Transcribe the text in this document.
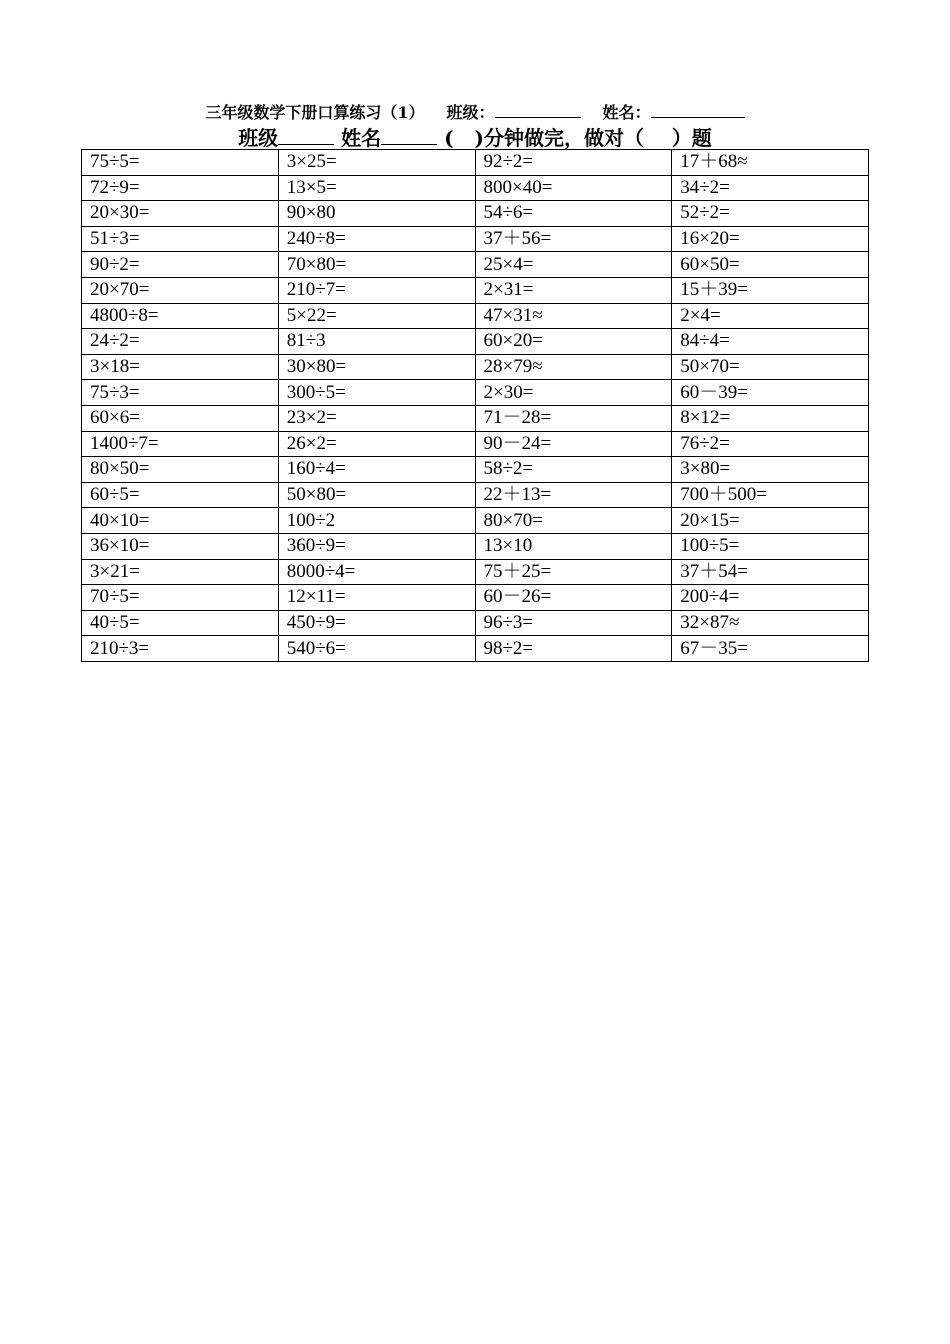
三年级数学下册口算练习（1） 班级：	姓名：
班级	姓名	( )分钟做完，做对（ ）题
75÷5=	3×25=	92÷2=	17＋68≈
72÷9=	13×5=	800×40=	34÷2=
20×30=	90×80	54÷6=	52÷2=
51÷3=	240÷8=	37＋56=	16×20=
90÷2=	70×80=	25×4=	60×50=
20×70=	210÷7=	2×31=	15＋39=
4800÷8=	5×22=	47×31≈	2×4=
24÷2=	81÷3	60×20=	84÷4=
3×18=	30×80=	28×79≈	50×70=
75÷3=	300÷5=	2×30=	60－39=
60×6=	23×2=	71－28=	8×12=
1400÷7=	26×2=	90－24=	76÷2=
80×50=	160÷4=	58÷2=	3×80=
60÷5=	50×80=	22＋13=	700＋500=
40×10=	100÷2	80×70=	20×15=
36×10=	360÷9=	13×10	100÷5=
3×21=	8000÷4=	75＋25=	37＋54=
70÷5=	12×11=	60－26=	200÷4=
40÷5=	450÷9=	96÷3=	32×87≈
210÷3=	540÷6=	98÷2=	67－35=
